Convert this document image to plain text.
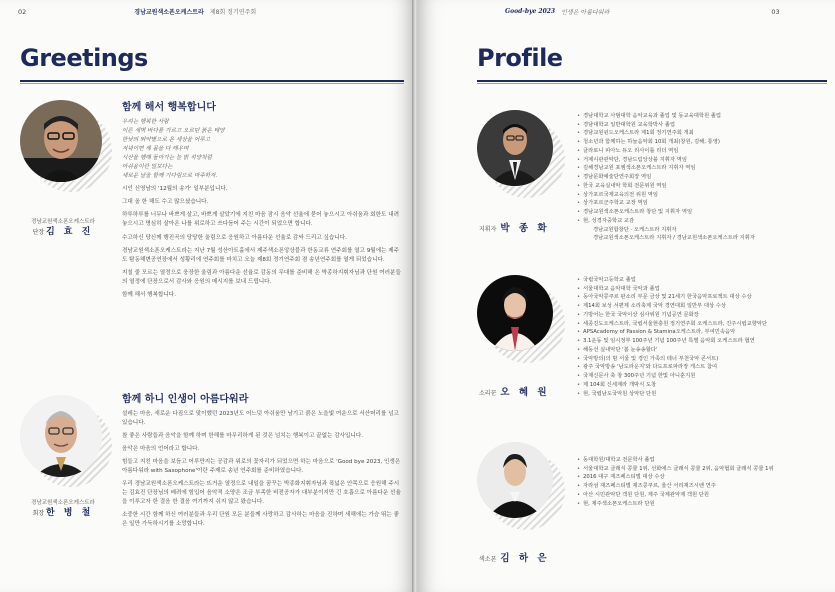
02	경남교원색소폰오케스트라 제8회 정기연주회
Greetings
경남교원색소폰오케스트라
단장 김 효 진
함께 해서 행복합니다
우리는 행복한 사람
이른 새벽 바다를 가르고 오르던 붉은 태양
한낮의 뙤약볕으로 온 세상을 어루고
저녁이면 제 몸을 다 태우며
시산을 행해 돌아가는 늘 밝 석양처럼
아쉬움이란 일보다는
새로운 날을 함께 기다림으로 마주하자.

시인 신영남의 '12월의 송가' 일부분입니다.

그대 올 한 해도 수고 많으셨습니다.

하루하루를 너무나 바쁘게 살고, 바쁘게 살았기에 지친 마음 잠시 음악 선율에 묻어 놓으시고 아쉬움과 회한도 내려놓으시고 명심히 살아온 나를 위로하고 쓰다듬어 주는 시간이 되었으면 합니다.

수고하신 당신께 행진곡의 당당한 울림으로 응원하고 아름다운 선율로 감싸 드리고 싶습니다.

경남교원색소폰오케스트라는 지난 7월 성산아트홀에서 제주색소폰앙상블과 한동교류 연주회를 열고 9월에는 제주도 탐동해변공연장에서 성황리에 연주회를 마치고 오늘 제8회 정기연주회 겸 송년연주회를 열게 되었습니다.

지칠 줄 모르는 열정으로 웅장한 울림과 아름다운 선율로 감동의 무대를 준비해 온 박종하지휘자님과 단원 여러분들의 열정에 단장으로서 감사와 응원의 메시지를 보내 드립니다.

함께 해서 행복합니다.

경남교원색소폰오케스트라
회장 한 병 철
함께 하니 인생이 아름다워라

설레는 마음, 새로운 다짐으로 맞이했던 2023년도 어느덧 아쉬움만 남기고 붉은 노을빛 여운으로 서산머리를 넘고 있습니다.

참 좋은 사람들과 음악을 함께 하며 한해를 마무리하게 된 것은 넘치는 행복이고 끝없는 감사입니다.

음악은 마음의 언어라고 합니다.

힘들고 지친 마음을 보듬고 어루만지는 공감과 위로의 꽃자리가 되었으면 하는 마음으로 'Good bye 2023, 인생은 아름다워라 with Saxophone'이란 주제로 송년 연주회를 준비하였습니다.

우리 경남교원색소폰오케스트라는 뜨거운 열정으로 내일을 꿈꾸는 박종화지휘자님과 폭넓은 안목으로 응원해 주시는 김효진 단장님의 배려에 힘입어 음악적 소양은 조금 부족한 비전공자가 대부분이지만 긴 호흡으로 아름다운 선율을 이루고자 한 결음 한 결음 여기까지 쉬지 않고 왔습니다.

소중한 시간 함께 하신 여러분들과 우리 단원 모든 분들께 사랑하고 감사하는 마음을 진하며 새해에는 가슴 뛰는 좋은 일만 가득하시기를 소망합니다.

Good-bye 2023 인생은 아름다워라	03
Profile
지휘자 박 종 화
• 경남대학교 사범대학 음악교육과 졸업 및 동교육대학원 졸업
• 경남대학교 일반대학원 교육학박사 졸업
• 경남교원윈드오케스트라 제1회 정기연주회 개최
• 청소년과 함께하는 하늘음악회 10회 개최(창원, 김해, 통영)
• 클라로니 피아노 듀오 리사이틀 리더 역임
• 거제시관관악단, 경남드림앙상블 지휘자 역임
• 김해경남교원 포엠색소폰오케스트라 지휘자 역임
• 경남문화예술단연주회장 역임
• 한국 교육실내악 학회 전문위원 역임
• 상가포르국제교육의전 위원 역임
• 상가포르군주학교 교장 역임
• 경남교원색소폰오케스트라 창단 및 지휘자 역임
• 현, 성경자중학교 교감
경남교원합창단 · 오케스트라 지휘자
경남교원색소폰오케스트라 지휘자 / 경남교원색소폰오케스트라 지휘자
소리꾼 오 혜 원
• 국립국악고등학교 졸업
• 서울대학교 음악대학 국악과 졸업
• 동아국악콩쿠르 판소리 부문 금상 및 21세기 한국음악프로젝트 대상 수상
• 제14회 보성 서편제 소리축제 국악 경연대회 일반부 대상 수상
• 기방어는 한국 국악이상 심사위원 기념공연 문화장
• 세종진도오케스트라, 국립서울현충원 정기연주회 오케스트라, 진주시립교향악단
• APSAcademy of Passion & Stamina오케스트라, 부여민속음악
• 3.1운동 및 임시정부 100주년 기념 100주년 특별 음악회 오케스트라 협연
• 해동선 실내악단 '봄 눈송송할다'
• 국악방의(의 밤 서울 및 경인 가족의 테너 부천국악 콘서트)
• 광주 국악방송 '남도라운지'와 다도프로파라장 게스트 참여
• 국제신문사 축 창 300주년 기념 한빛 아니훈지원
• 제 104회 신세계라 개막식 도창
• 현, 국립남도국악원 상악단 단원
색소폰 김 하 은
• 동대학원/대학교 전문학사 졸업
• 서울대학교 클래식 콩쿨 1위, 선화에스 클래식 콩쿨 2위, 음악협회 클래식 콩쿨 1위
• 2016 대구 재즈페스티벌 대상 수상
• 자라섬 재즈페스티벌 재즈콩쿠르, 울산 서리재즈시밴 연주
• 아산 시민관악단 객원 단원, 제주 국제관악제 객원 단원
• 현, 제주색소폰오케스트라 단원
